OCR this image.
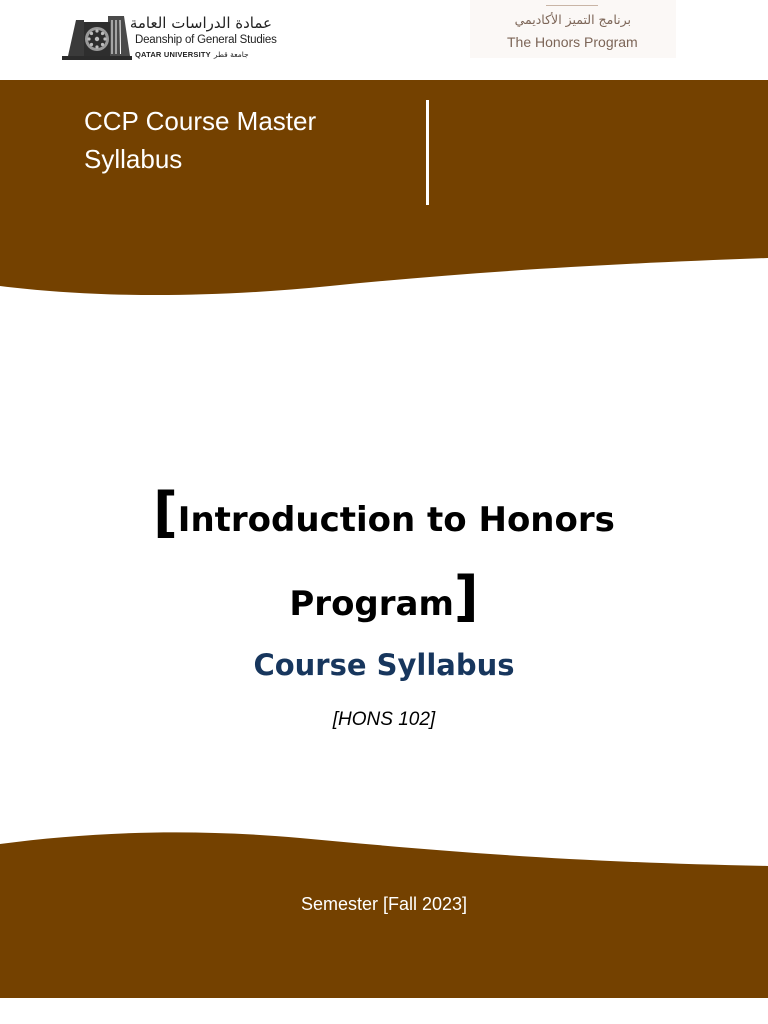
عمادة الدراسات العامة
Deanship of General Studies
QATAR UNIVERSITY جامعة قطر
برنامج التميز الأكاديمي
The Honors Program
CCP Course Master Syllabus
[Introduction to Honors Program]
Course Syllabus
[HONS 102]
Semester [Fall 2023]
